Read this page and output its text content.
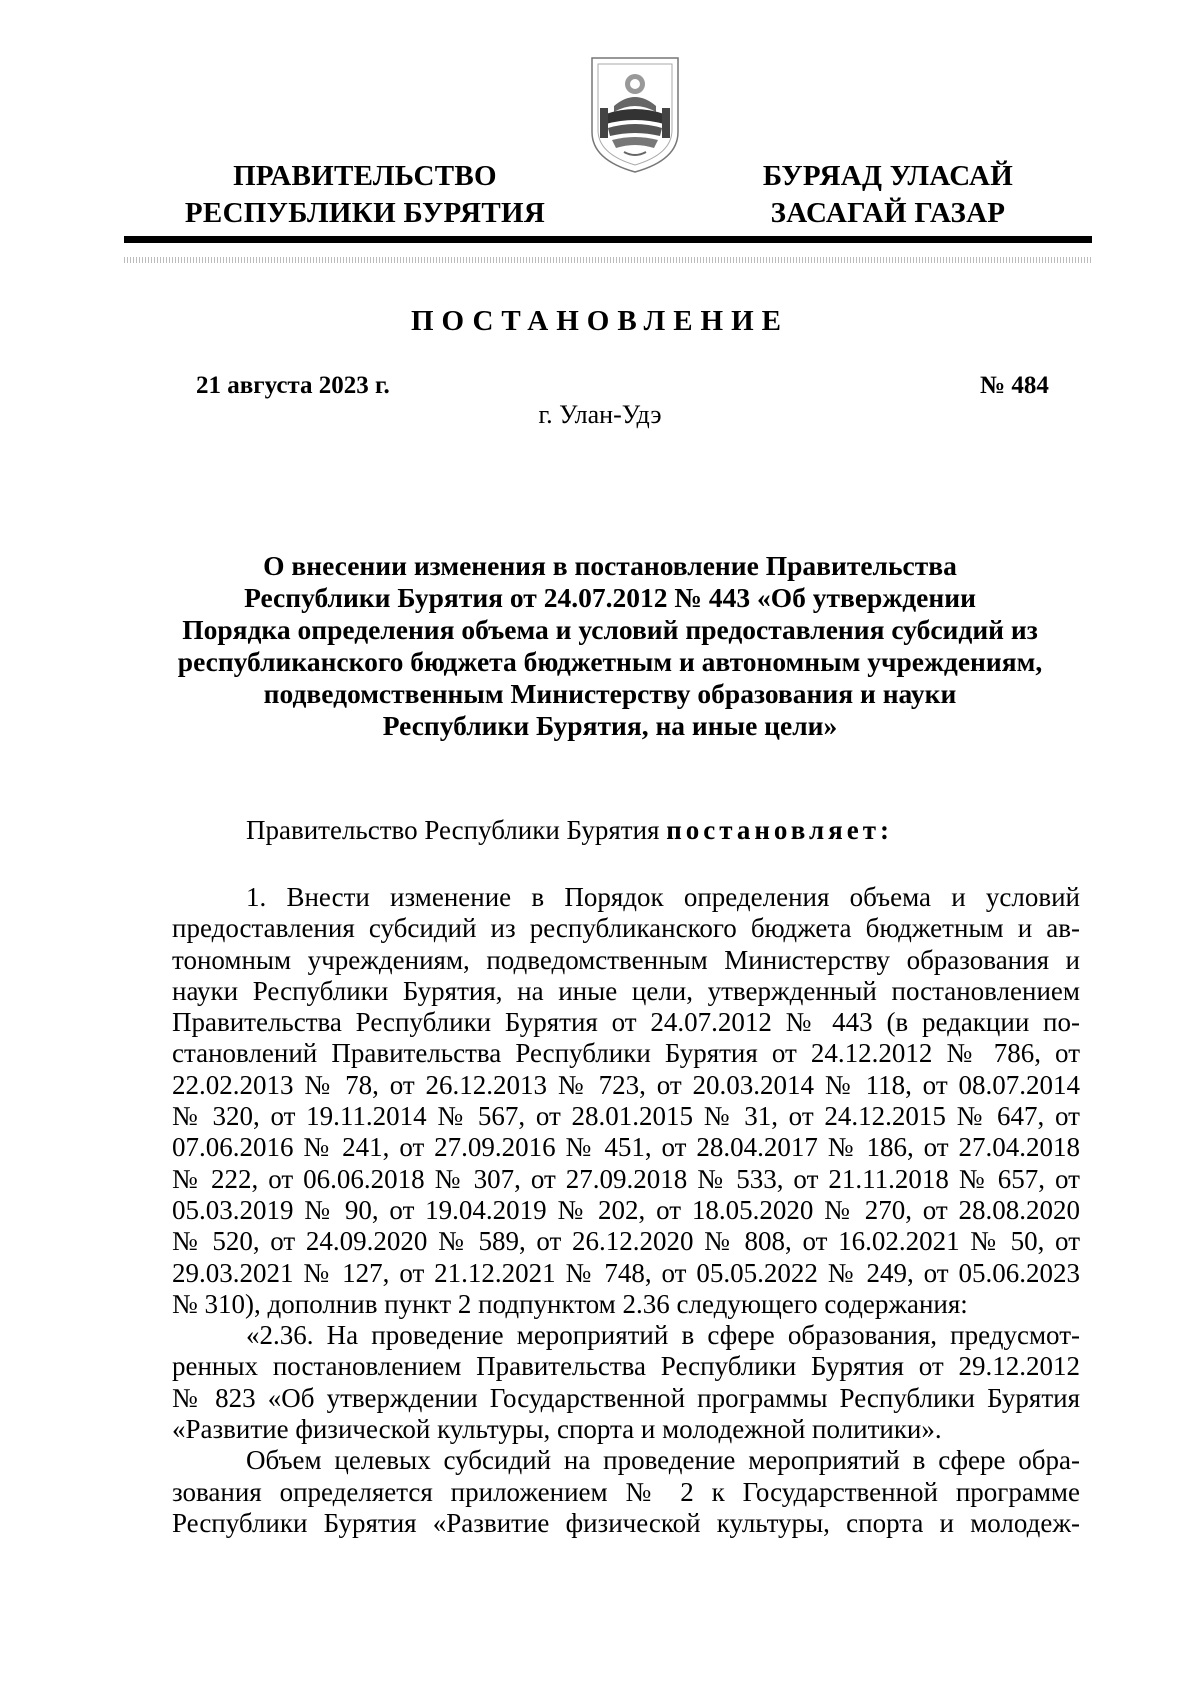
ПРАВИТЕЛЬСТВО
РЕСПУБЛИКИ БУРЯТИЯ
БУРЯАД УЛАСАЙ
ЗАСАГАЙ ГАЗАР
ПОСТАНОВЛЕНИЕ
21 августа 2023 г.	№ 484
г. Улан-Удэ
О внесении изменения в постановление Правительства
Республики Бурятия от 24.07.2012 № 443 «Об утверждении
Порядка определения объема и условий предоставления субсидий из
республиканского бюджета бюджетным и автономным учреждениям,
подведомственным Министерству образования и науки
Республики Бурятия, на иные цели»
Правительство Республики Бурятия постановляет:
1. Внести изменение в Порядок определения объема и условий
предоставления субсидий из республиканского бюджета бюджетным и ав-
тономным учреждениям, подведомственным Министерству образования и
науки Республики Бурятия, на иные цели, утвержденный постановлением
Правительства Республики Бурятия от 24.07.2012 № 443 (в редакции по-
становлений Правительства Республики Бурятия от 24.12.2012 № 786, от
22.02.2013 № 78, от 26.12.2013 № 723, от 20.03.2014 № 118, от 08.07.2014
№ 320, от 19.11.2014 № 567, от 28.01.2015 № 31, от 24.12.2015 № 647, от
07.06.2016 № 241, от 27.09.2016 № 451, от 28.04.2017 № 186, от 27.04.2018
№ 222, от 06.06.2018 № 307, от 27.09.2018 № 533, от 21.11.2018 № 657, от
05.03.2019 № 90, от 19.04.2019 № 202, от 18.05.2020 № 270, от 28.08.2020
№ 520, от 24.09.2020 № 589, от 26.12.2020 № 808, от 16.02.2021 № 50, от
29.03.2021 № 127, от 21.12.2021 № 748, от 05.05.2022 № 249, от 05.06.2023
№ 310), дополнив пункт 2 подпунктом 2.36 следующего содержания:
«2.36. На проведение мероприятий в сфере образования, предусмот-
ренных постановлением Правительства Республики Бурятия от 29.12.2012
№ 823 «Об утверждении Государственной программы Республики Бурятия
«Развитие физической культуры, спорта и молодежной политики».
Объем целевых субсидий на проведение мероприятий в сфере обра-
зования определяется приложением № 2 к Государственной программе
Республики Бурятия «Развитие физической культуры, спорта и молодеж-
